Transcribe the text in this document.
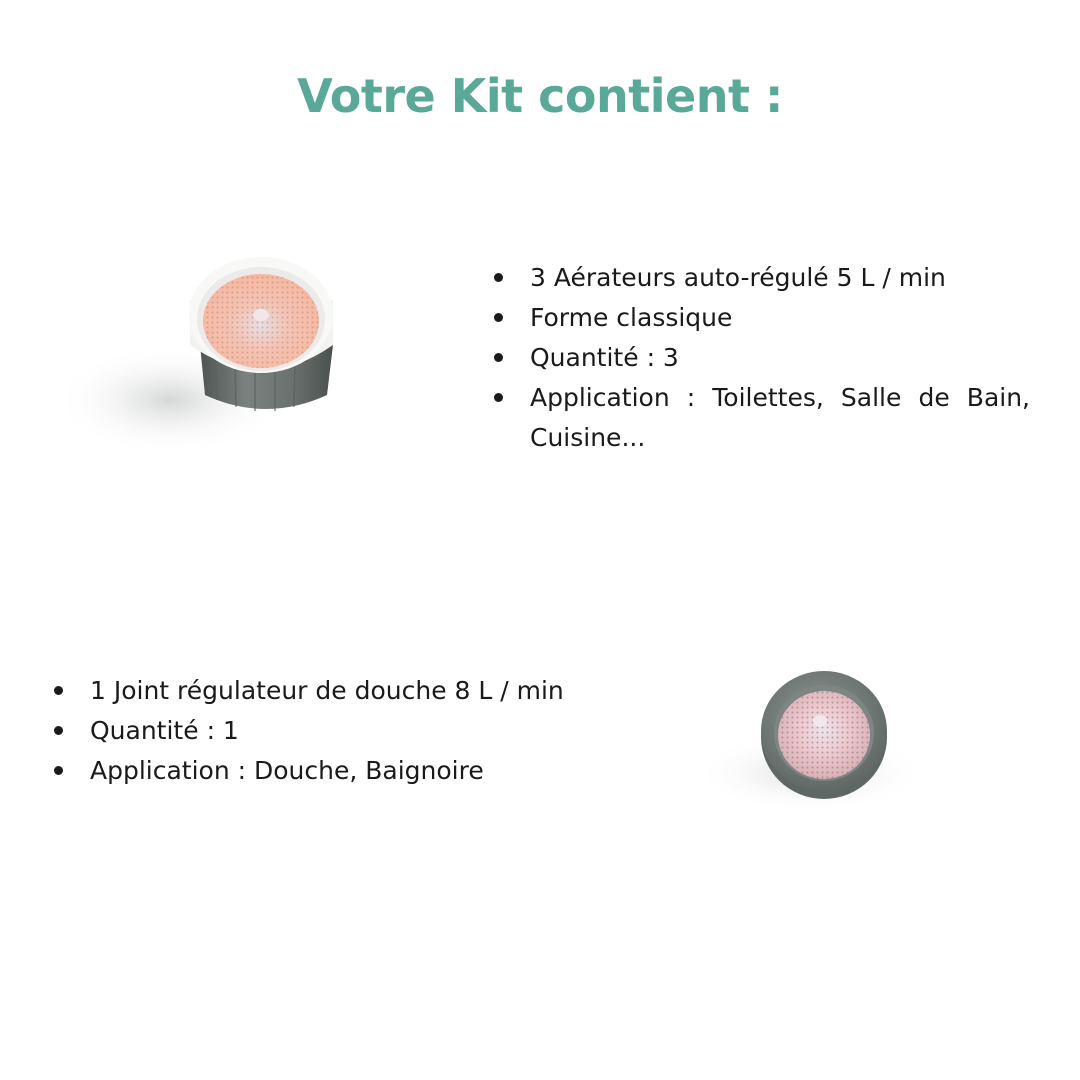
Votre Kit contient :
3 Aérateurs auto-régulé 5 L / min
Forme classique
Quantité : 3
Application : Toilettes, Salle de Bain, Cuisine...
1 Joint régulateur de douche 8 L / min
Quantité : 1
Application : Douche, Baignoire
